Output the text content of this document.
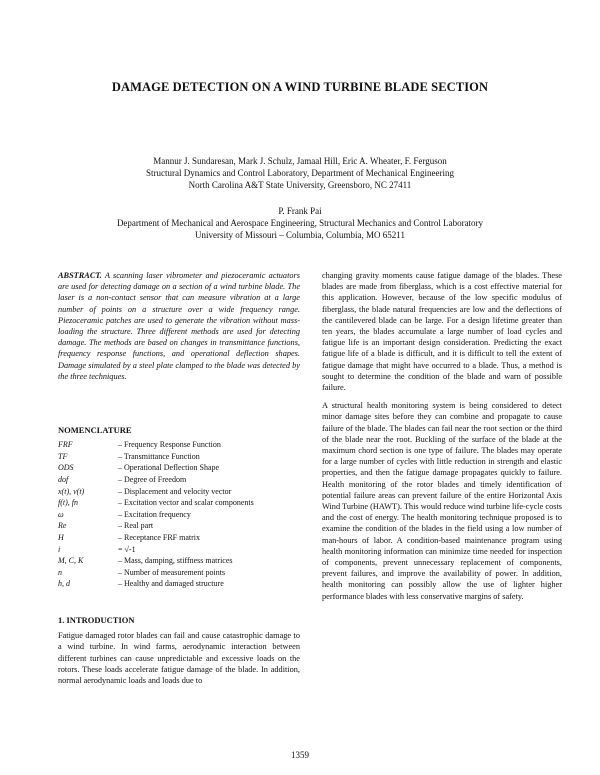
DAMAGE DETECTION ON A WIND TURBINE BLADE SECTION
Mannur J. Sundaresan, Mark J. Schulz, Jamaal Hill, Eric A. Wheater, F. Ferguson
Structural Dynamics and Control Laboratory, Department of Mechanical Engineering
North Carolina A&T State University, Greensboro, NC 27411
P. Frank Pai
Department of Mechanical and Aerospace Engineering, Structural Mechanics and Control Laboratory
University of Missouri – Columbia, Columbia, MO 65211
ABSTRACT. A scanning laser vibrometer and piezoceramic actuators are used for detecting damage on a section of a wind turbine blade. The laser is a non-contact sensor that can measure vibration at a large number of points on a structure over a wide frequency range. Piezoceramic patches are used to generate the vibration without mass-loading the structure. Three different methods are used for detecting damage. The methods are based on changes in transmittance functions, frequency response functions, and operational deflection shapes. Damage simulated by a steel plate clamped to the blade was detected by the three techniques.
NOMENCLATURE
FRF	– Frequency Response Function
TF	– Transmittance Function
ODS	– Operational Deflection Shape
dof	– Degree of Freedom
x(t), v(t)	– Displacement and velocity vector
f(t), fn	– Excitation vector and scalar components
ω	– Excitation frequency
Re	– Real part
H	– Receptance FRF matrix
i	= √-1
M, C, K	– Mass, damping, stiffness matrices
n	– Number of measurement points
h, d	– Healthy and damaged structure
1. INTRODUCTION

Fatigue damaged rotor blades can fail and cause catastrophic damage to a wind turbine. In wind farms, aerodynamic interaction between different turbines can cause unpredictable and excessive loads on the rotors. These loads accelerate fatigue damage of the blade. In addition, normal aerodynamic loads and loads due to

changing gravity moments cause fatigue damage of the blades. These blades are made from fiberglass, which is a cost effective material for this application. However, because of the low specific modulus of fiberglass, the blade natural frequencies are low and the deflections of the cantilevered blade can be large. For a design lifetime greater than ten years, the blades accumulate a large number of load cycles and fatigue life is an important design consideration. Predicting the exact fatigue life of a blade is difficult, and it is difficult to tell the extent of fatigue damage that might have occurred to a blade. Thus, a method is sought to determine the condition of the blade and warn of possible failure.

A structural health monitoring system is being considered to detect minor damage sites before they can combine and propagate to cause failure of the blade. The blades can fail near the root section or the third of the blade near the root. Buckling of the surface of the blade at the maximum chord section is one type of failure. The blades may operate for a large number of cycles with little reduction in strength and elastic properties, and then the fatigue damage propagates quickly to failure. Health monitoring of the rotor blades and timely identification of potential failure areas can prevent failure of the entire Horizontal Axis Wind Turbine (HAWT). This would reduce wind turbine life-cycle costs and the cost of energy. The health monitoring technique proposed is to examine the condition of the blades in the field using a low number of man-hours of labor. A condition-based maintenance program using health monitoring information can minimize time needed for inspection of components, prevent unnecessary replacement of components, prevent failures, and improve the availability of power. In addition, health monitoring can possibly allow the use of lighter higher performance blades with less conservative margins of safety.

1359
